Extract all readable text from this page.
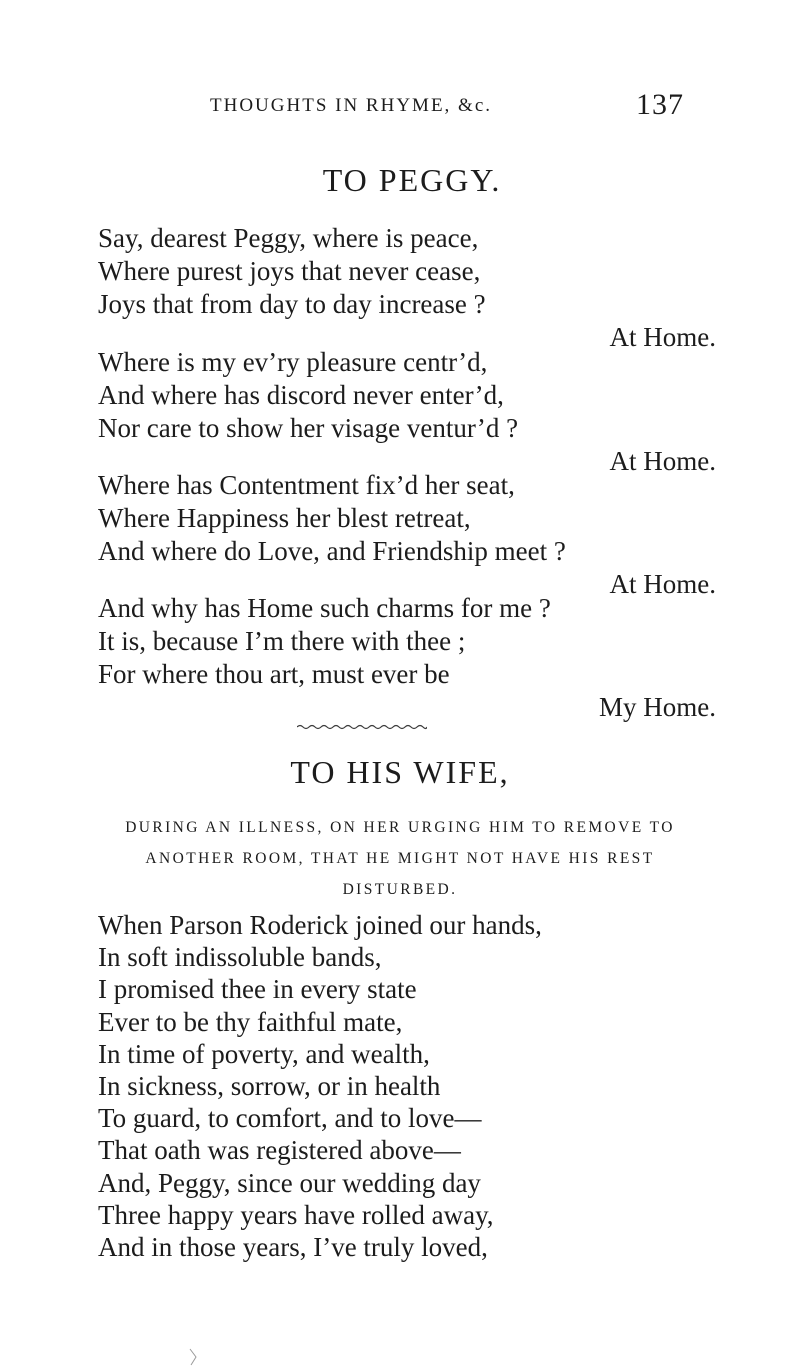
THOUGHTS IN RHYME, &c.	137
TO PEGGY.
Say, dearest Peggy, where is peace,
Where purest joys that never cease,
Joys that from day to day increase ?
At Home.
Where is my ev’ry pleasure centr’d,
And where has discord never enter’d,
Nor care to show her visage ventur’d ?
At Home.
Where has Contentment fix’d her seat,
Where Happiness her blest retreat,
And where do Love, and Friendship meet ?
At Home.
And why has Home such charms for me ?
It is, because I’m there with thee ;
For where thou art, must ever be
My Home.
TO HIS WIFE,
DURING AN ILLNESS, ON HER URGING HIM TO REMOVE TO
ANOTHER ROOM, THAT HE MIGHT NOT HAVE HIS REST
DISTURBED.
When Parson Roderick joined our hands,
In soft indissoluble bands,
I promised thee in every state
Ever to be thy faithful mate,
In time of poverty, and wealth,
In sickness, sorrow, or in health
To guard, to comfort, and to love—
That oath was registered above—
And, Peggy, since our wedding day
Three happy years have rolled away,
And in those years, I’ve truly loved,
